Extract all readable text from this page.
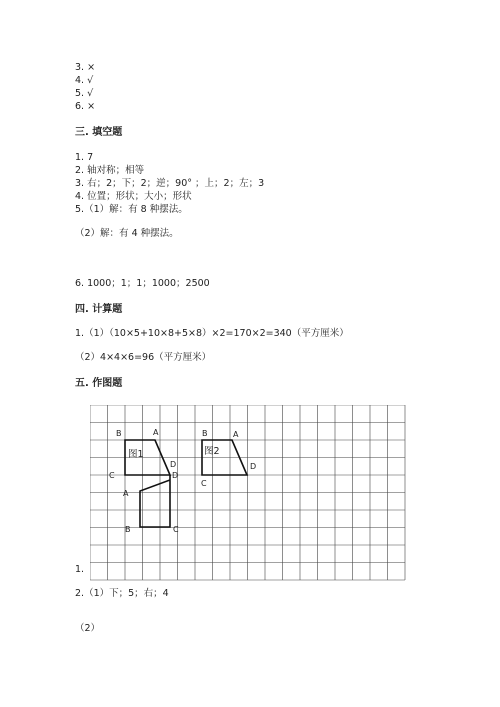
3. ×
4. √
5. √
6. ×
三. 填空题
1. 7
2. 轴对称；相等
3. 右；2；下；2；逆；90° ；上；2；左；3
4. 位置；形状；大小；形状
5.（1）解：有 8 种摆法。
（2）解：有 4 种摆法。
6. 1000；1；1；1000；2500
四. 计算题
1.（1）（10×5+10×8+5×8）×2=170×2=340（平方厘米）
（2）4×4×6=96（平方厘米）
五. 作图题
B	A
D
C
图1
D
A
B	C
B	A
D
C
图2
1.
2.（1）下；5；右；4
（2）
